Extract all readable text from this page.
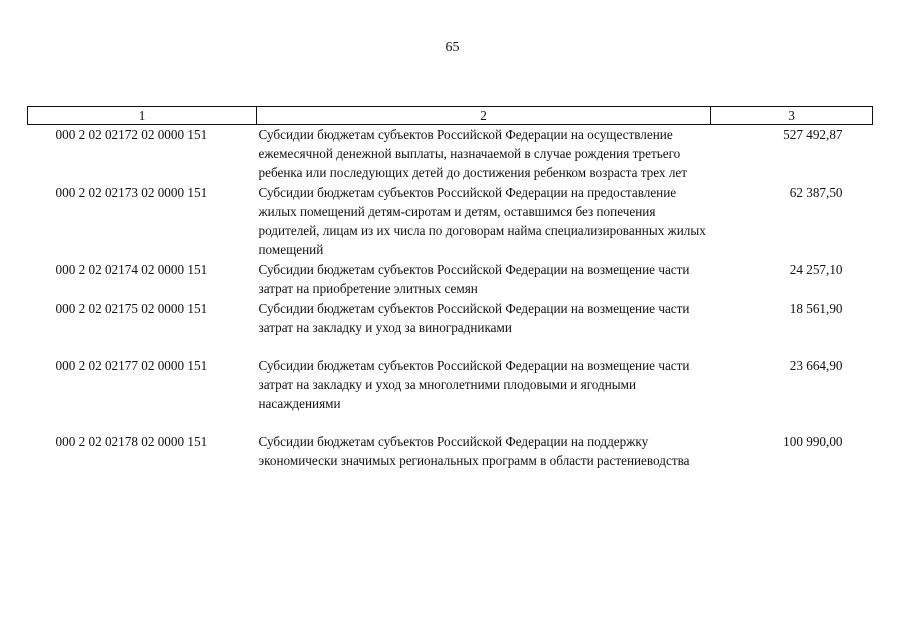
65
1	2	3
000 2 02 02172 02 0000 151	Субсидии бюджетам субъектов Российской Федерации на осуществление ежемесячной денежной выплаты, назначаемой в случае рождения третьего ребенка или последующих детей до достижения ребенком возраста трех лет	527 492,87
000 2 02 02173 02 0000 151	Субсидии бюджетам субъектов Российской Федерации на предоставление жилых помещений детям-сиротам и детям, оставшимся без попечения родителей, лицам из их числа по договорам найма специализированных жилых помещений	62 387,50
000 2 02 02174 02 0000 151	Субсидии бюджетам субъектов Российской Федерации на возмещение части затрат на приобретение элитных семян	24 257,10
000 2 02 02175 02 0000 151	Субсидии бюджетам субъектов Российской Федерации на возмещение части затрат на закладку и уход за виноградниками	18 561,90
000 2 02 02177 02 0000 151	Субсидии бюджетам субъектов Российской Федерации на возмещение части затрат на закладку и уход за многолетними плодовыми и ягодными насаждениями	23 664,90
000 2 02 02178 02 0000 151	Субсидии бюджетам субъектов Российской Федерации на поддержку экономически значимых региональных программ в области растениеводства	100 990,00
